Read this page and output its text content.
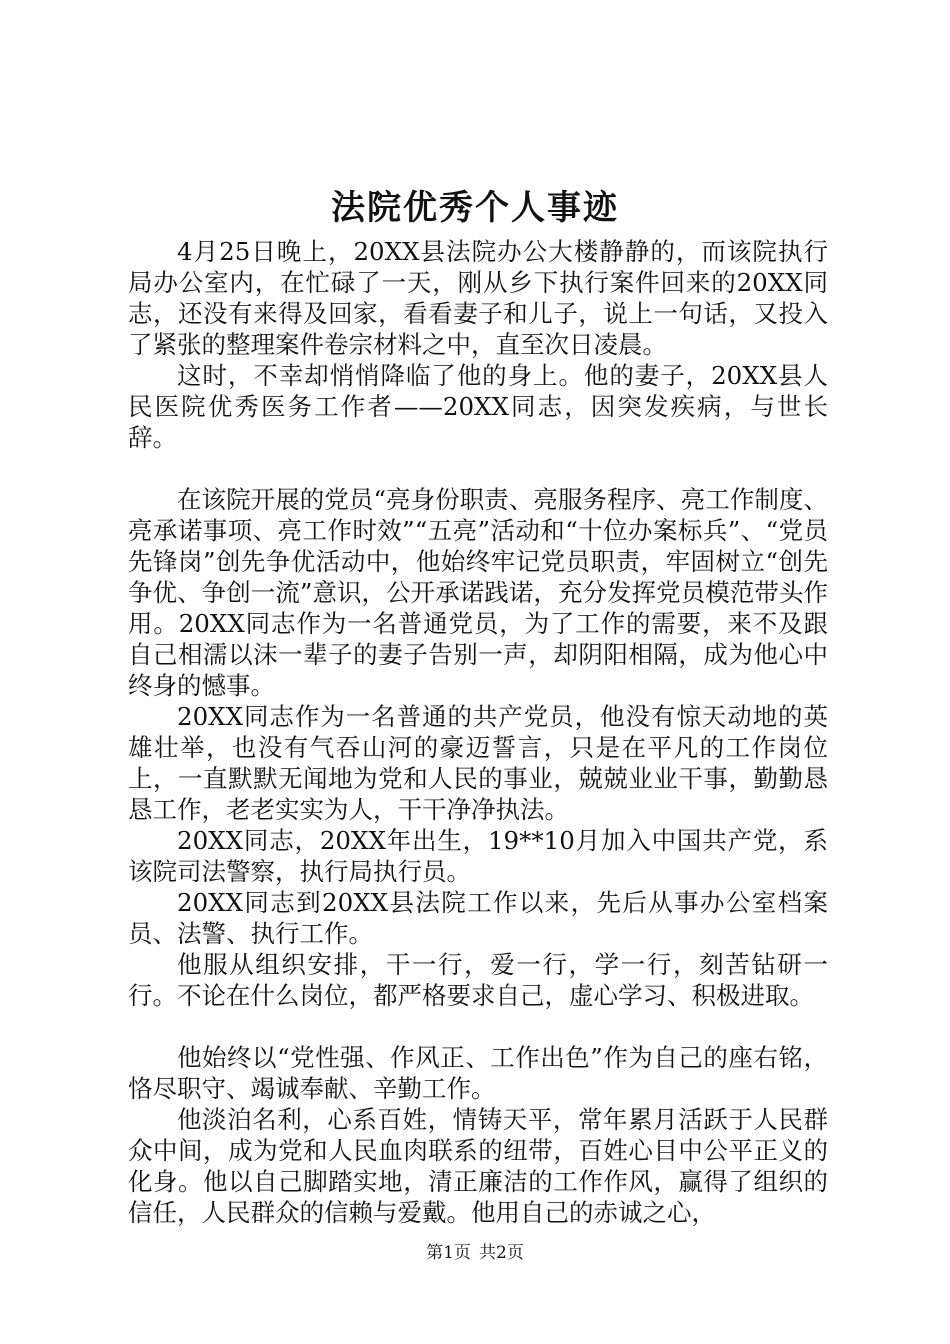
法院优秀个人事迹

4月25日晚上，20XX县法院办公大楼静静的，而该院执行局办公室内，在忙碌了一天，刚从乡下执行案件回来的20XX同志，还没有来得及回家，看看妻子和儿子，说上一句话，又投入了紧张的整理案件卷宗材料之中，直至次日凌晨。

这时，不幸却悄悄降临了他的身上。他的妻子，20XX县人民医院优秀医务工作者——20XX同志，因突发疾病，与世长辞。

在该院开展的党员“亮身份职责、亮服务程序、亮工作制度、亮承诺事项、亮工作时效”“五亮”活动和“十位办案标兵”、“党员先锋岗”创先争优活动中，他始终牢记党员职责，牢固树立“创先争优、争创一流”意识，公开承诺践诺，充分发挥党员模范带头作用。20XX同志作为一名普通党员，为了工作的需要，来不及跟自己相濡以沫一辈子的妻子告别一声，却阴阳相隔，成为他心中终身的憾事。

20XX同志作为一名普通的共产党员，他没有惊天动地的英雄壮举，也没有气吞山河的豪迈誓言，只是在平凡的工作岗位上，一直默默无闻地为党和人民的事业，兢兢业业干事，勤勤恳恳工作，老老实实为人，干干净净执法。

20XX同志，20XX年出生，19**10月加入中国共产党，系该院司法警察，执行局执行员。

20XX同志到20XX县法院工作以来，先后从事办公室档案员、法警、执行工作。

他服从组织安排，干一行，爱一行，学一行，刻苦钻研一行。不论在什么岗位，都严格要求自己，虚心学习、积极进取。

他始终以“党性强、作风正、工作出色”作为自己的座右铭，恪尽职守、竭诚奉献、辛勤工作。

他淡泊名利，心系百姓，情铸天平，常年累月活跃于人民群众中间，成为党和人民血肉联系的纽带，百姓心目中公平正义的化身。他以自己脚踏实地，清正廉洁的工作作风，赢得了组织的信任，人民群众的信赖与爱戴。他用自己的赤诚之心，

第1页 共2页
